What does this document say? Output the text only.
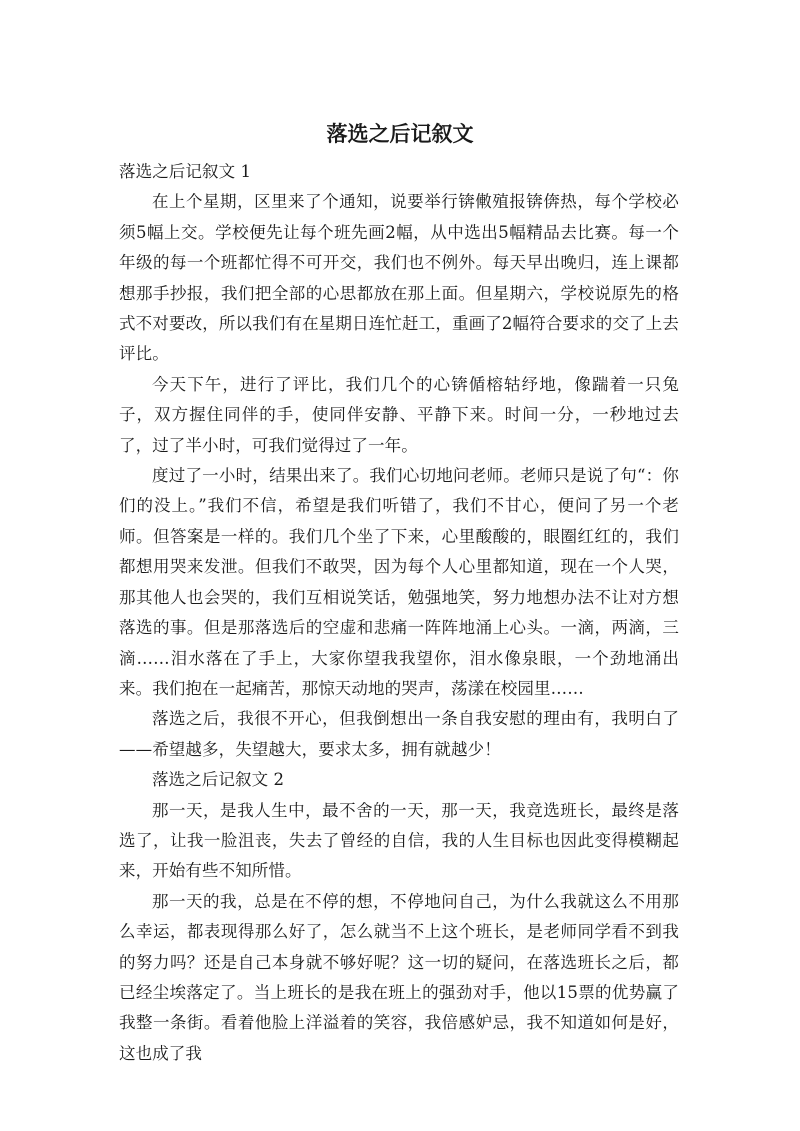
落选之后记叙文

落选之后记叙文 1

在上个星期，区里来了个通知，说要举行锛僌殖报锛倴热，每个学校必须5幅上交。学校便先让每个班先画2幅，从中选出5幅精品去比赛。每一个年级的每一个班都忙得不可开交，我们也不例外。每天早出晚归，连上课都想那手抄报，我们把全部的心思都放在那上面。但星期六，学校说原先的格式不对要改，所以我们有在星期日连忙赶工，重画了2幅符合要求的交了上去评比。

今天下午，进行了评比，我们几个的心锛偱榕轱纾地，像踹着一只兔子，双方握住同伴的手，使同伴安静、平静下来。时间一分，一秒地过去了，过了半小时，可我们觉得过了一年。

度过了一小时，结果出来了。我们心切地问老师。老师只是说了句“：你们的没上。”我们不信，希望是我们听错了，我们不甘心，便问了另一个老师。但答案是一样的。我们几个坐了下来，心里酸酸的，眼圈红红的，我们都想用哭来发泄。但我们不敢哭，因为每个人心里都知道，现在一个人哭，那其他人也会哭的，我们互相说笑话，勉强地笑，努力地想办法不让对方想落选的事。但是那落选后的空虚和悲痛一阵阵地涌上心头。一滴，两滴，三滴……泪水落在了手上，大家你望我我望你，泪水像泉眼，一个劲地涌出来。我们抱在一起痛苦，那惊天动地的哭声，荡漾在校园里……

落选之后，我很不开心，但我倒想出一条自我安慰的理由有，我明白了——希望越多，失望越大，要求太多，拥有就越少！

落选之后记叙文 2

那一天，是我人生中，最不舍的一天，那一天，我竞选班长，最终是落选了，让我一脸沮丧，失去了曾经的自信，我的人生目标也因此变得模糊起来，开始有些不知所惜。

那一天的我，总是在不停的想，不停地问自己，为什么我就这么不用那么幸运，都表现得那么好了，怎么就当不上这个班长，是老师同学看不到我的努力吗？还是自己本身就不够好呢？这一切的疑问，在落选班长之后，都已经尘埃落定了。当上班长的是我在班上的强劲对手，他以15票的优势赢了我整一条街。看着他脸上洋溢着的笑容，我倍感妒忌，我不知道如何是好，这也成了我
